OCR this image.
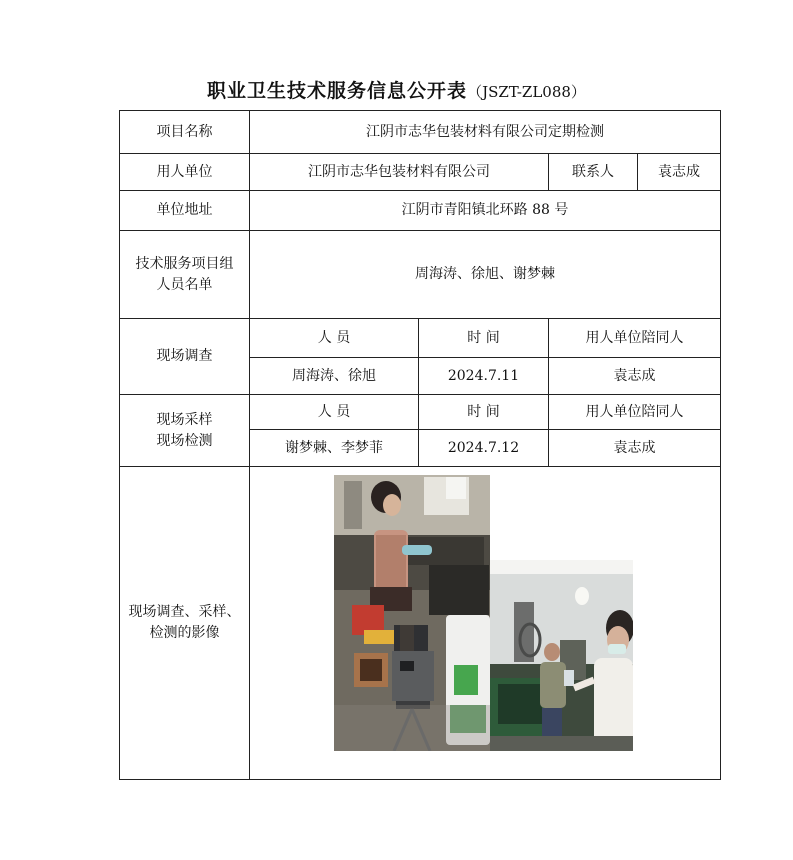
职业卫生技术服务信息公开表（JSZT-ZL088）
项目名称	江阴市志华包装材料有限公司定期检测			
用人单位	江阴市志华包装材料有限公司		联系人	袁志成
单位地址	江阴市青阳镇北环路 88 号			

技术服务项目组
人员名单	周海涛、徐旭、谢梦棘			
现场调查	人 员	时 间	用人单位陪同人	
	周海涛、徐旭	2024.7.11	袁志成	

现场采样
现场检测	人 员	时 间	用人单位陪同人	
	谢梦棘、李梦菲	2024.7.12	袁志成	

现场调查、采样、
检测的影像
